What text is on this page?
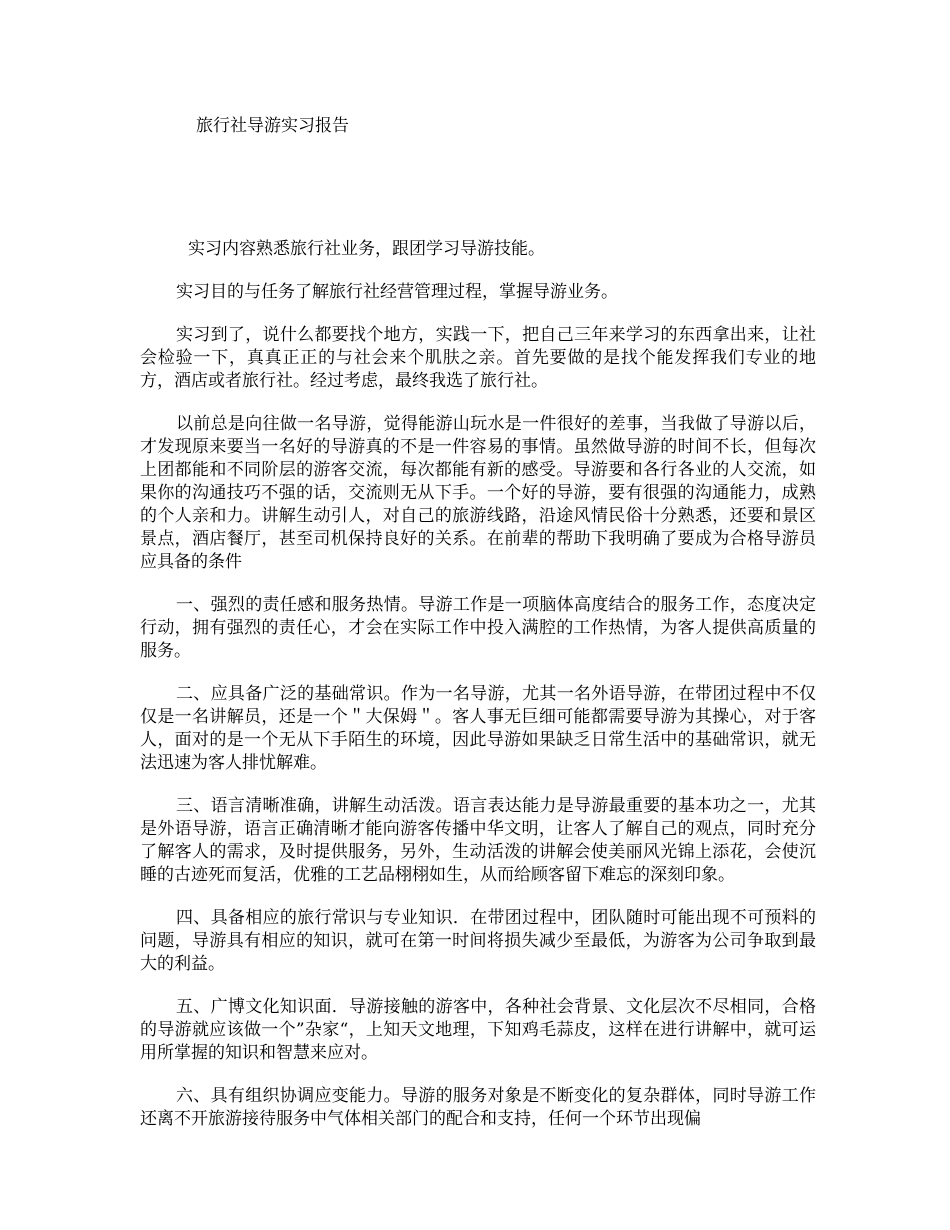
旅行社导游实习报告

实习内容熟悉旅行社业务，跟团学习导游技能。

实习目的与任务了解旅行社经营管理过程，掌握导游业务。

实习到了，说什么都要找个地方，实践一下，把自己三年来学习的东西拿出来，让社会检验一下，真真正正的与社会来个肌肤之亲。首先要做的是找个能发挥我们专业的地方，酒店或者旅行社。经过考虑，最终我选了旅行社。

以前总是向往做一名导游，觉得能游山玩水是一件很好的差事，当我做了导游以后，才发现原来要当一名好的导游真的不是一件容易的事情。虽然做导游的时间不长，但每次上团都能和不同阶层的游客交流，每次都能有新的感受。导游要和各行各业的人交流，如果你的沟通技巧不强的话，交流则无从下手。一个好的导游，要有很强的沟通能力，成熟的个人亲和力。讲解生动引人，对自己的旅游线路，沿途风情民俗十分熟悉，还要和景区景点，酒店餐厅，甚至司机保持良好的关系。在前辈的帮助下我明确了要成为合格导游员应具备的条件

一、强烈的责任感和服务热情。导游工作是一项脑体高度结合的服务工作，态度决定行动，拥有强烈的责任心，才会在实际工作中投入满腔的工作热情，为客人提供高质量的服务。

二、应具备广泛的基础常识。作为一名导游，尤其一名外语导游，在带团过程中不仅仅是一名讲解员，还是一个＂大保姆＂。客人事无巨细可能都需要导游为其操心，对于客人，面对的是一个无从下手陌生的环境，因此导游如果缺乏日常生活中的基础常识，就无法迅速为客人排忧解难。

三、语言清晰准确，讲解生动活泼。语言表达能力是导游最重要的基本功之一，尤其是外语导游，语言正确清晰才能向游客传播中华文明，让客人了解自己的观点，同时充分了解客人的需求，及时提供服务，另外，生动活泼的讲解会使美丽风光锦上添花，会使沉睡的古迹死而复活，优雅的工艺品栩栩如生，从而给顾客留下难忘的深刻印象。

四、具备相应的旅行常识与专业知识．在带团过程中，团队随时可能出现不可预料的问题，导游具有相应的知识，就可在第一时间将损失减少至最低，为游客为公司争取到最大的利益。

五、广博文化知识面．导游接触的游客中，各种社会背景、文化层次不尽相同，合格的导游就应该做一个”杂家“，上知天文地理，下知鸡毛蒜皮，这样在进行讲解中，就可运用所掌握的知识和智慧来应对。

六、具有组织协调应变能力。导游的服务对象是不断变化的复杂群体，同时导游工作还离不开旅游接待服务中气体相关部门的配合和支持，任何一个环节出现偏
